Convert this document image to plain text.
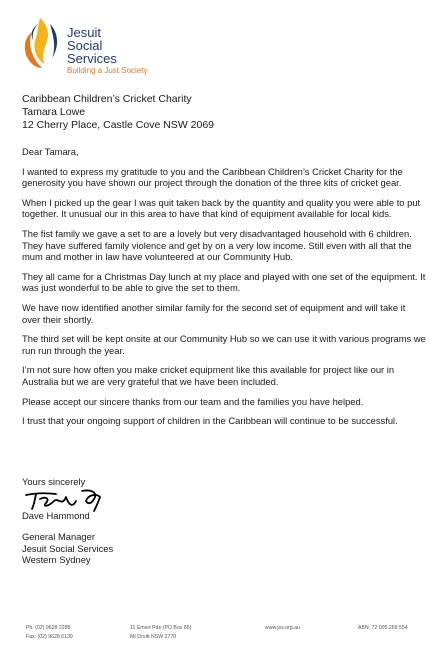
Jesuit
Social Services
Building a Just Society
Caribbean Children’s Cricket Charity
Tamara Lowe
12 Cherry Place, Castle Cove NSW 2069

Dear Tamara,

I wanted to express my gratitude to you and the Caribbean Children’s Cricket Charity for the generosity you have shown our project through the donation of the three kits of cricket gear.

When I picked up the gear I was quit taken back by the quantity and quality you were able to put together. It unusual our in this area to have that kind of equipment available for local kids.

The fist family we gave a set to are a lovely but very disadvantaged household with 6 children. They have suffered family violence and get by on a very low income. Still even with all that the mum and mother in law have volunteered at our Community Hub.

They all came for a Christmas Day lunch at my place and played with one set of the equipment. It was just wonderful to be able to give the set to them.

We have now identified another similar family for the second set of equipment and will take it over their shortly.

The third set will be kept onsite at our Community Hub so we can use it with various programs we run run through the year.

I’m not sure how often you make cricket equipment like this available for project like our in Australia but we are very grateful that we have been included.

Please accept our sincere thanks from our team and the families you have helped.

I trust that your ongoing support of children in the Caribbean will continue to be successful.

Yours sincerely
Dave Hammond
General Manager
Jesuit Social Services
Western Sydney
Ph: (02) 9628 2288
Fax: (02) 9628 6139
11 Emert Pde (PO Box 86)
Mt Druitt NSW 2770
www.jss.org.au	ABN: 72 005 269 554
